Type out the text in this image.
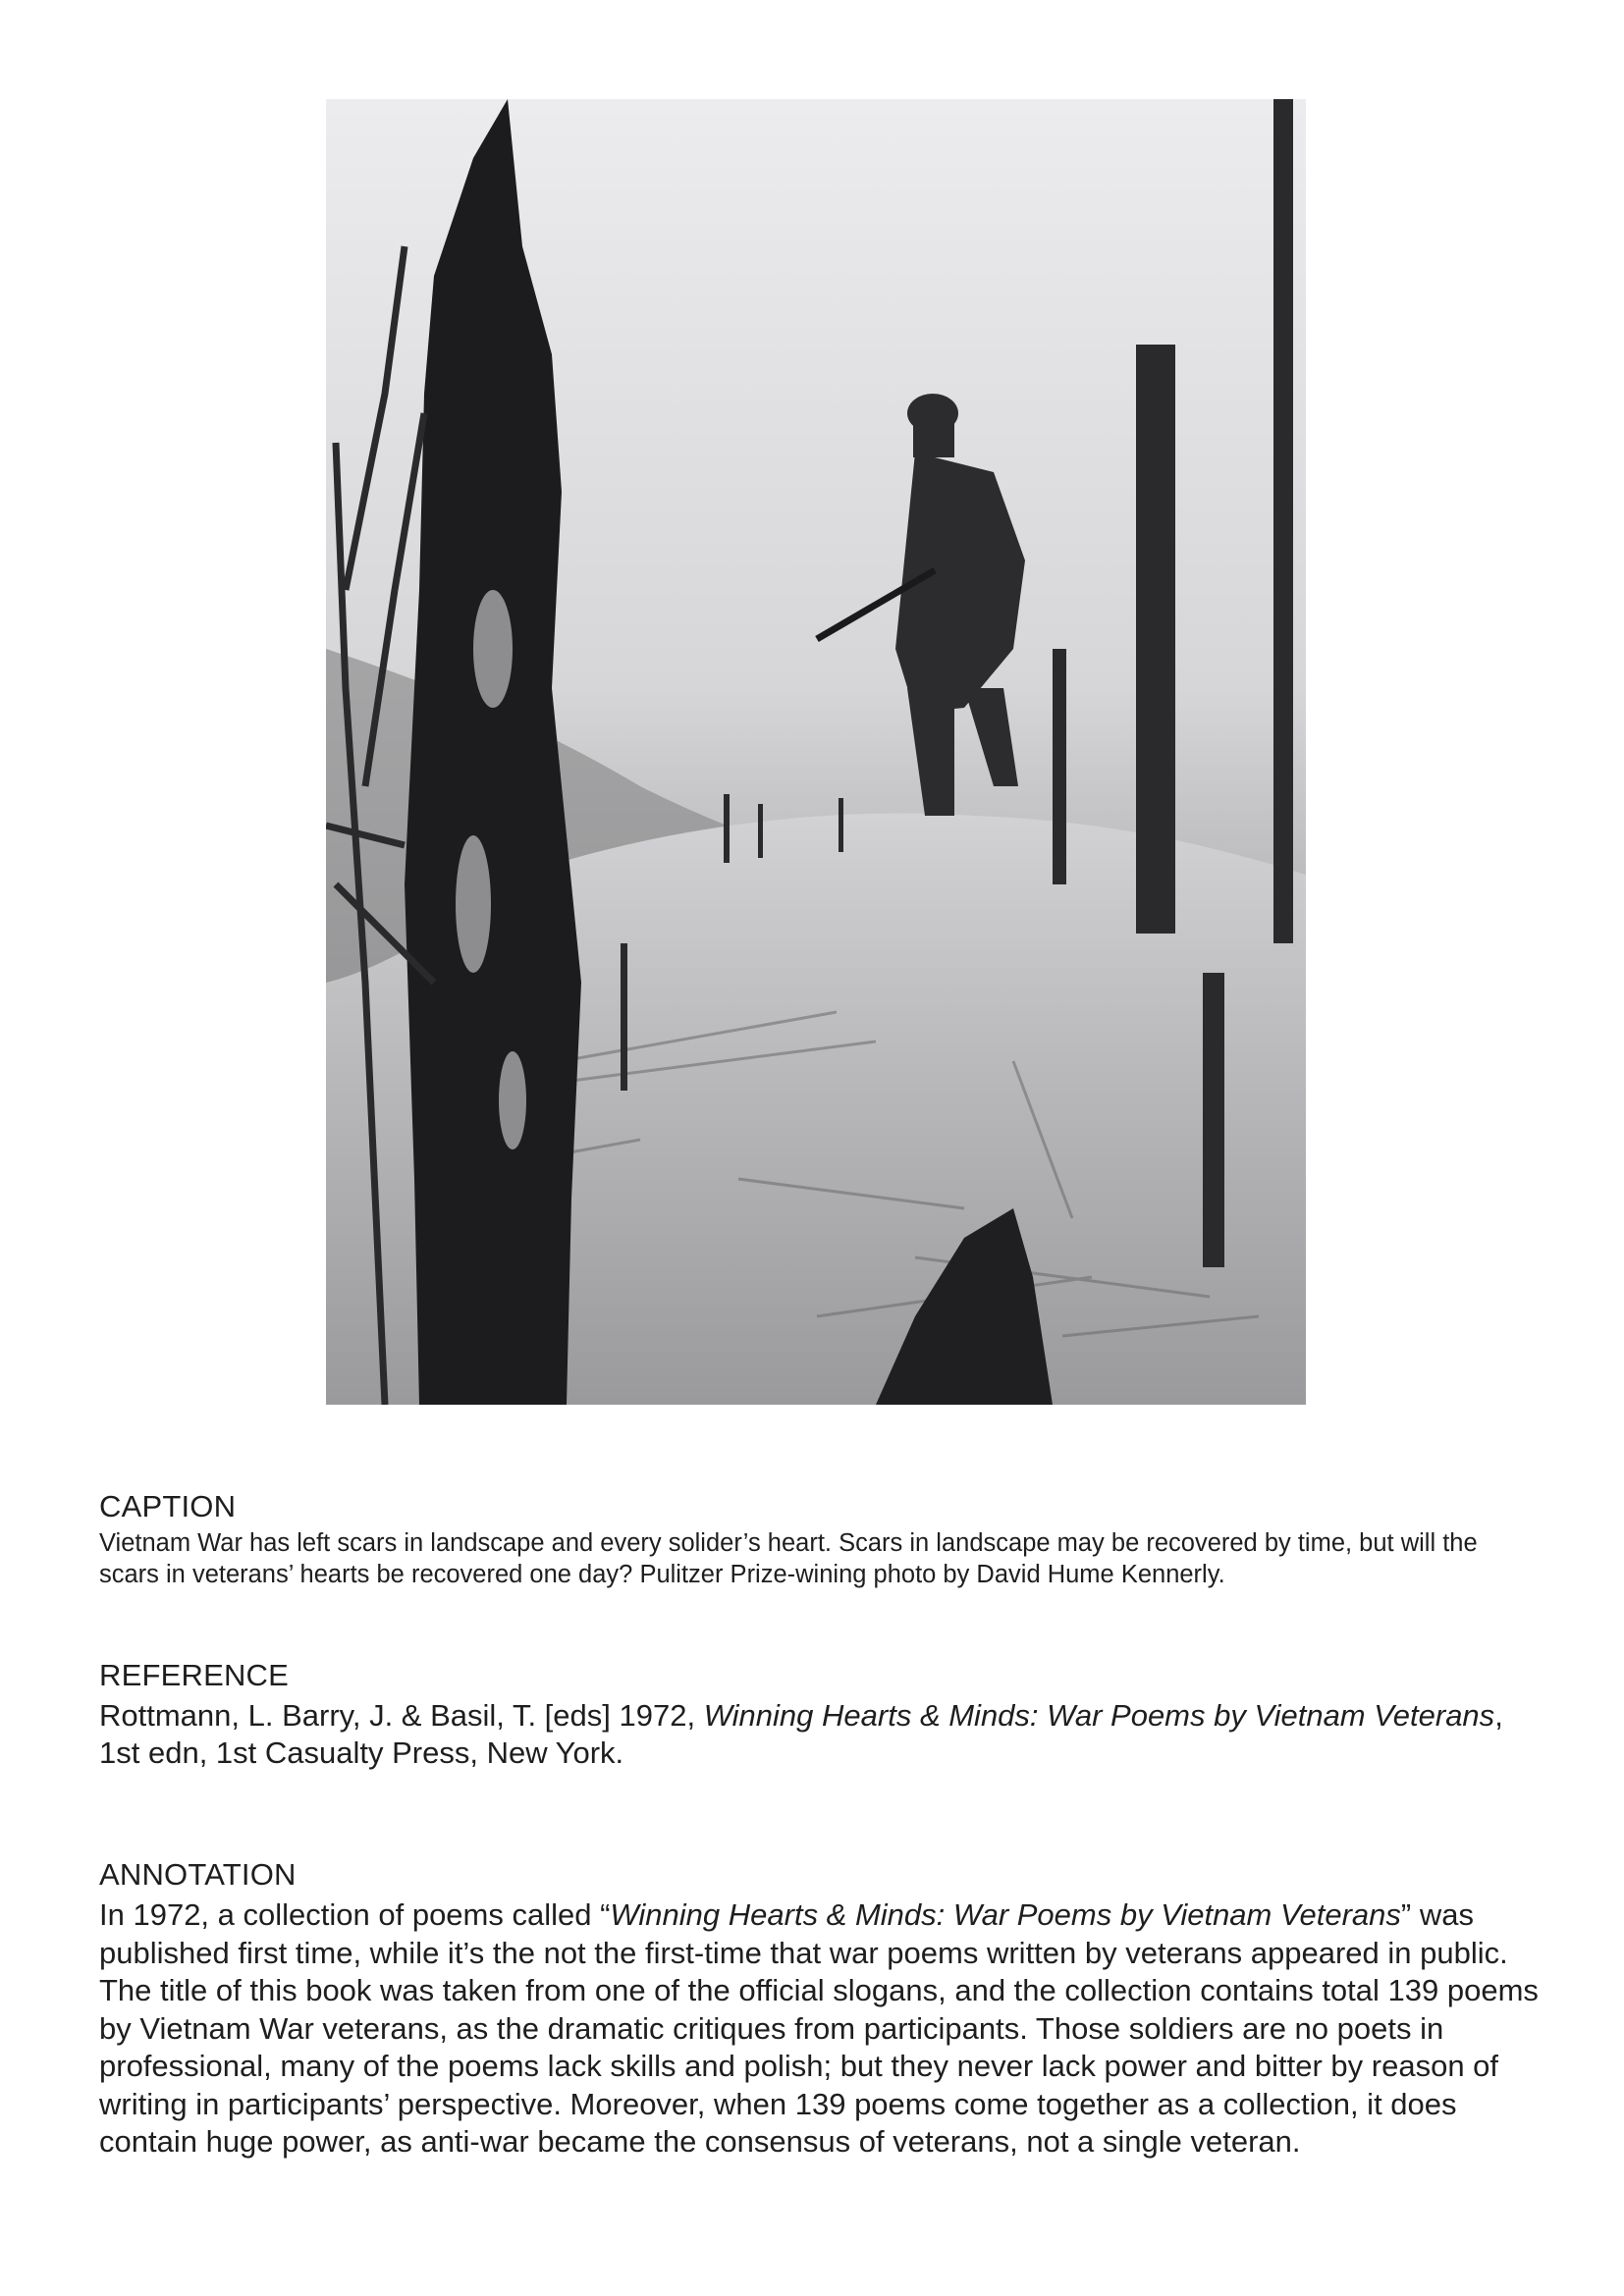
CAPTION

Vietnam War has left scars in landscape and every solider’s heart. Scars in landscape may be recovered by time, but will the scars in veterans’ hearts be recovered one day? Pulitzer Prize-wining photo by David Hume Kennerly.

REFERENCE

Rottmann, L. Barry, J. & Basil, T. [eds] 1972, Winning Hearts & Minds: War Poems by Vietnam Veterans, 1st edn, 1st Casualty Press, New York.

ANNOTATION

In 1972, a collection of poems called “Winning Hearts & Minds: War Poems by Vietnam Veterans” was published first time, while it’s the not the first-time that war poems written by veterans appeared in public. The title of this book was taken from one of the official slogans, and the collection contains total 139 poems by Vietnam War veterans, as the dramatic critiques from participants. Those soldiers are no poets in professional, many of the poems lack skills and polish; but they never lack power and bitter by reason of writing in participants’ perspective. Moreover, when 139 poems come together as a collection, it does contain huge power, as anti-war became the consensus of veterans, not a single veteran.
